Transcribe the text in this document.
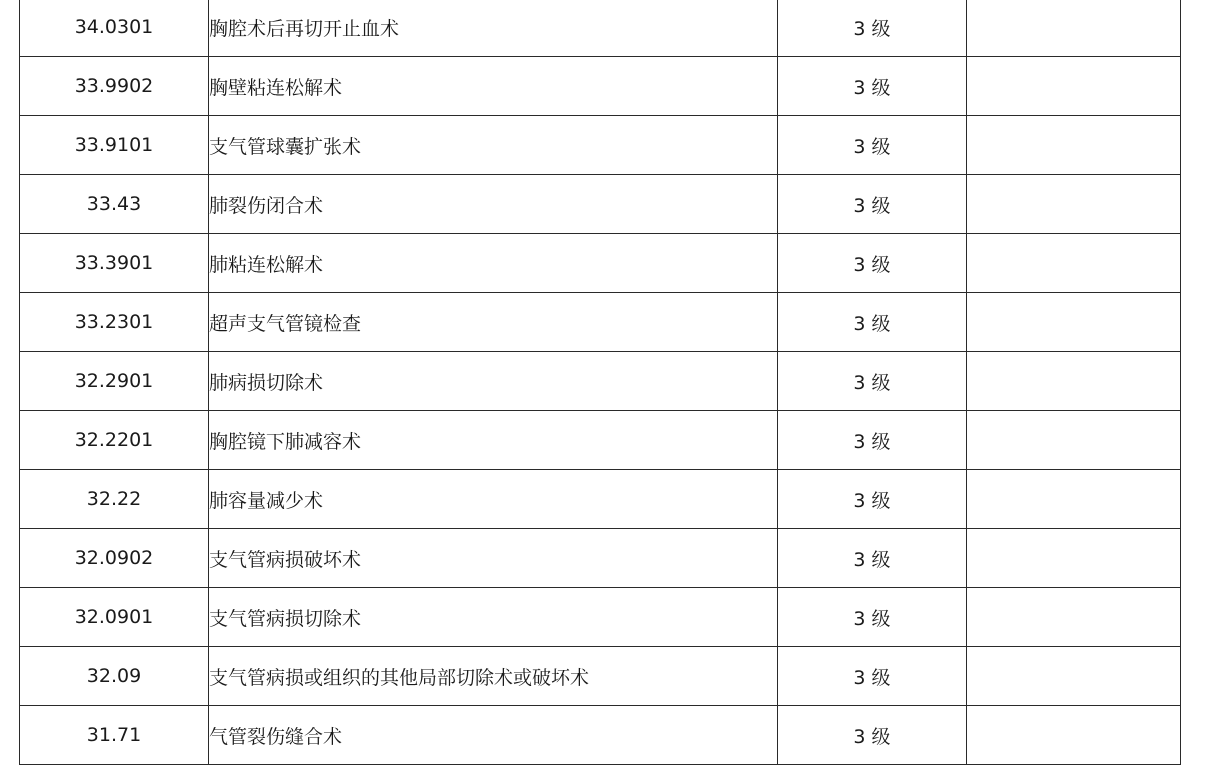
34.0301	胸腔术后再切开止血术	3 级	
33.9902	胸壁粘连松解术	3 级	
33.9101	支气管球囊扩张术	3 级	
33.43	肺裂伤闭合术	3 级	
33.3901	肺粘连松解术	3 级	
33.2301	超声支气管镜检查	3 级	
32.2901	肺病损切除术	3 级	
32.2201	胸腔镜下肺减容术	3 级	
32.22	肺容量减少术	3 级	
32.0902	支气管病损破坏术	3 级	
32.0901	支气管病损切除术	3 级	
32.09	支气管病损或组织的其他局部切除术或破坏术	3 级	
31.71	气管裂伤缝合术	3 级	
